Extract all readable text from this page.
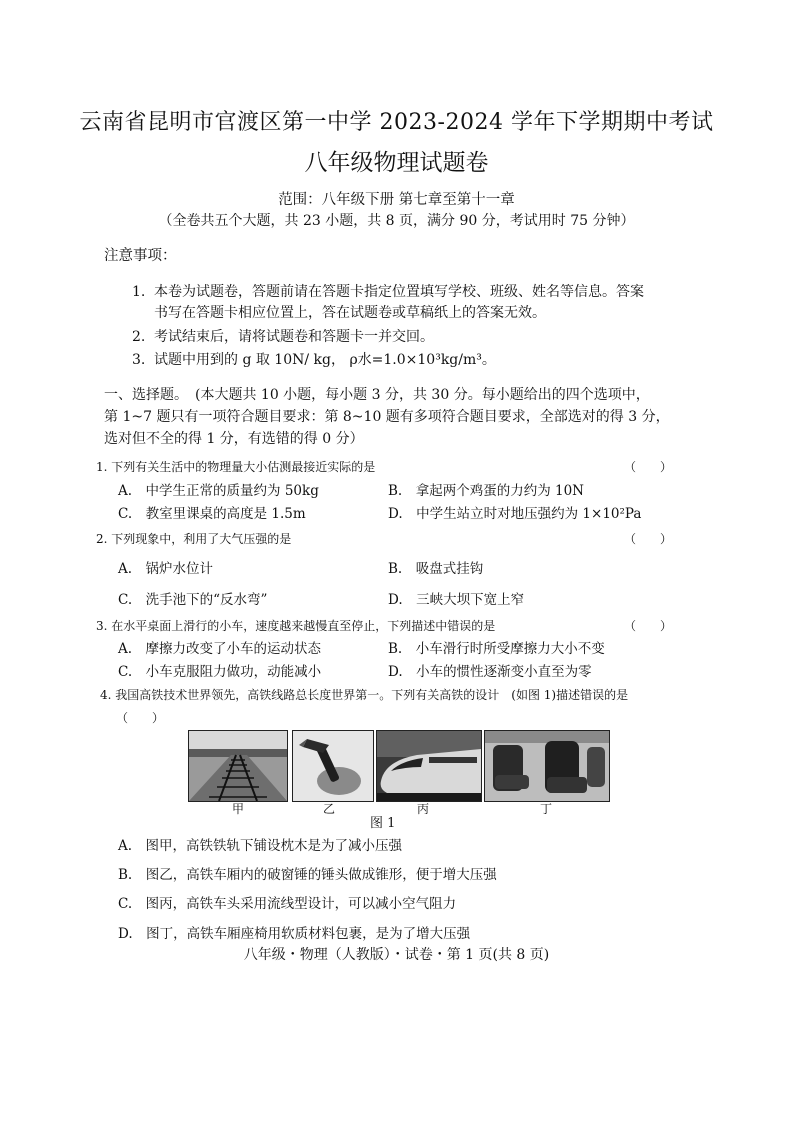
云南省昆明市官渡区第一中学 2023-2024 学年下学期期中考试
八年级物理试题卷
范围：八年级下册 第七章至第十一章
（全卷共五个大题，共 23 小题，共 8 页，满分 90 分，考试用时 75 分钟）
注意事项：
1. 本卷为试题卷，答题前请在答题卡指定位置填写学校、班级、姓名等信息。答案
书写在答题卡相应位置上，答在试题卷或草稿纸上的答案无效。
2. 考试结束后，请将试题卷和答题卡一并交回。
3. 试题中用到的 g 取 10N/ kg， ρ水=1.0×10³kg/m³。
一、选择题。　(本大题共 10 小题，每小题 3 分，共 30 分。每小题给出的四个选项中，
第 1~7 题只有一项符合题目要求：第 8~10 题有多项符合题目要求，全部选对的得 3 分，
选对但不全的得 1 分，有选错的得 0 分）
1. 下列有关生活中的物理量大小估测最接近实际的是	（　　）
A.　中学生正常的质量约为 50kg	B.　拿起两个鸡蛋的力约为 10N
C.　教室里课桌的高度是 1.5m	D.　中学生站立时对地压强约为 1×10²Pa
2. 下列现象中，利用了大气压强的是	（　　）
A.　锅炉水位计	B.　吸盘式挂钩
C.　洗手池下的“反水弯”	D.　三峡大坝下宽上窄
3. 在水平桌面上滑行的小车，速度越来越慢直至停止，下列描述中错误的是	（　　）
A.　摩擦力改变了小车的运动状态	B.　小车滑行时所受摩擦力大小不变
C.　小车克服阻力做功，动能减小	D.　小车的惯性逐渐变小直至为零
4. 我国高铁技术世界领先，高铁线路总长度世界第一。下列有关高铁的设计　(如图 1)描述错误的是
（　　）
甲	乙	丙	丁
图 1
A.　图甲，高铁铁轨下铺设枕木是为了减小压强
B.　图乙，高铁车厢内的破窗锤的锤头做成锥形，便于增大压强
C.　图丙，高铁车头采用流线型设计，可以减小空气阻力
D.　图丁，高铁车厢座椅用软质材料包裹，是为了增大压强
八年级・物理（人教版）・试卷・第 1 页(共 8 页)
